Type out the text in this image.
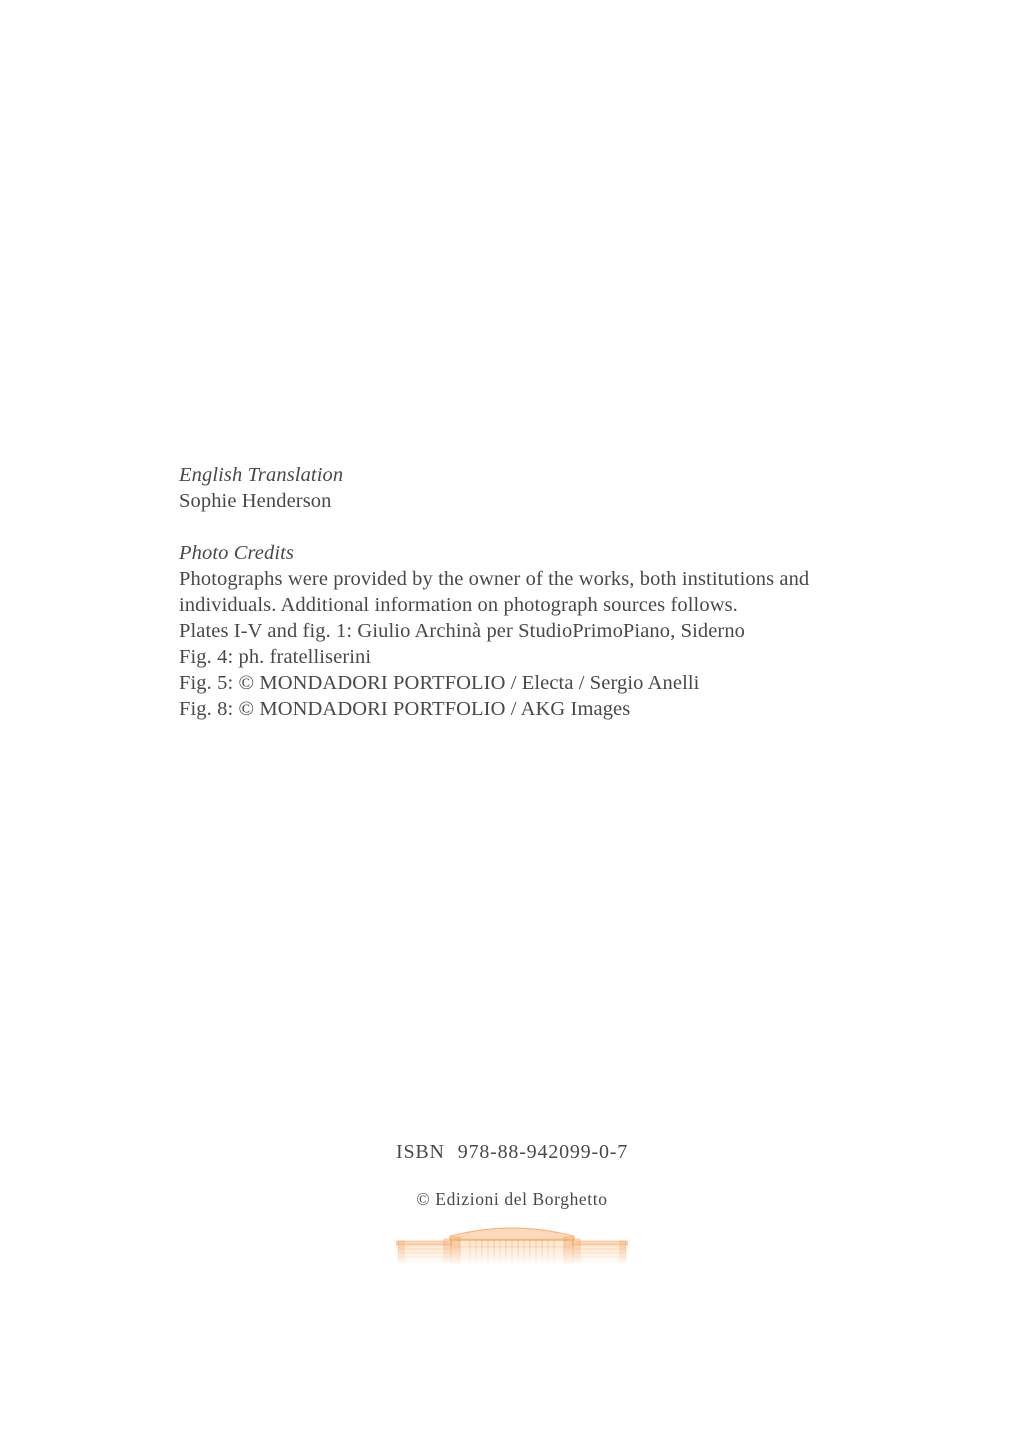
English Translation
Sophie Henderson
Photo Credits
Photographs were provided by the owner of the works, both institutions and
individuals. Additional information on photograph sources follows.
Plates I-V and fig. 1: Giulio Archinà per StudioPrimoPiano, Siderno
Fig. 4: ph. fratelliserini
Fig. 5: © MONDADORI PORTFOLIO / Electa / Sergio Anelli
Fig. 8: © MONDADORI PORTFOLIO / AKG Images
ISBN 978-88-942099-0-7
© Edizioni del Borghetto
